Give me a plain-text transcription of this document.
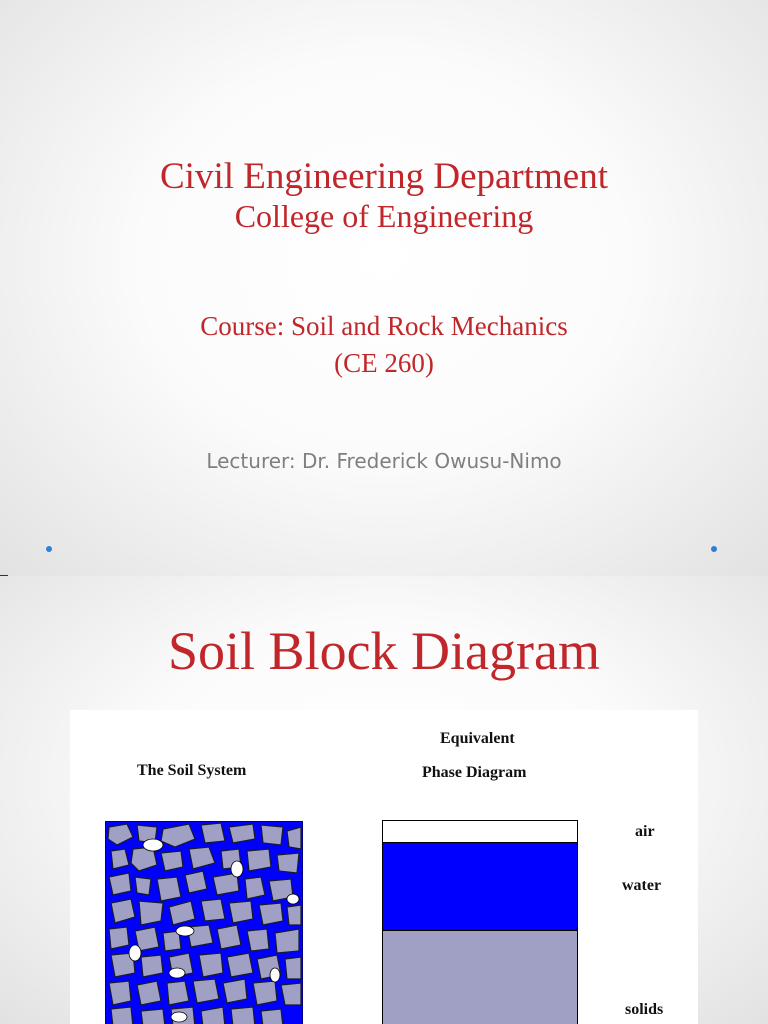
Civil Engineering Department
College of Engineering
Course: Soil and Rock Mechanics
(CE 260)
Lecturer: Dr. Frederick Owusu-Nimo
Soil Block Diagram
The Soil System
Equivalent
Phase Diagram
air
water
solids
